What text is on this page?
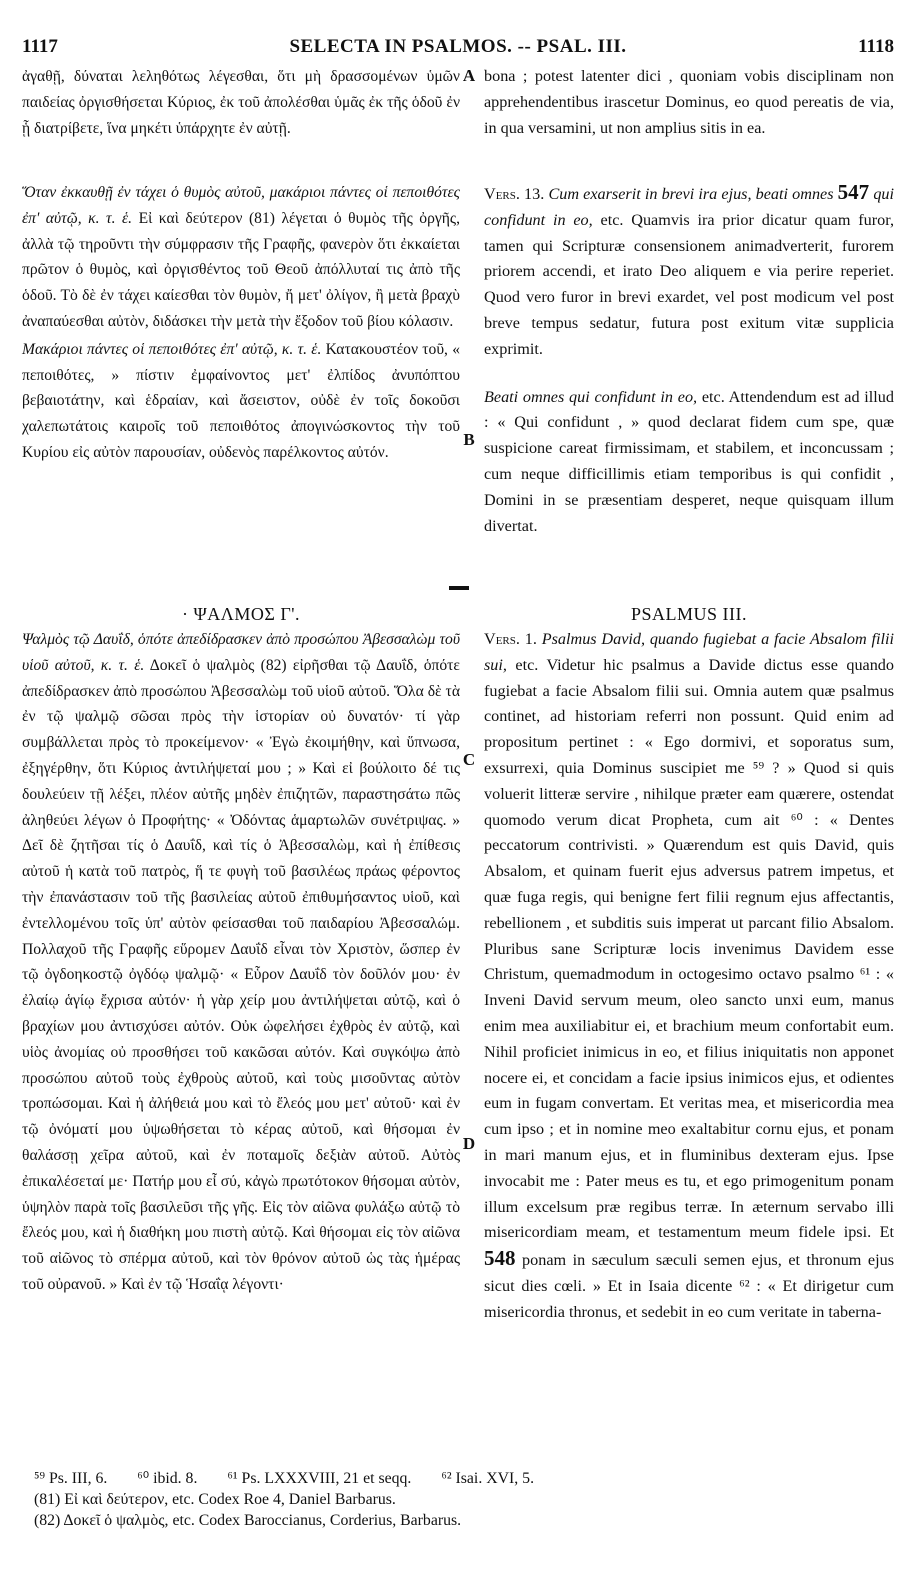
1117	SELECTA IN PSALMOS. -- PSAL. III.	1118

ἀγαθῇ, δύναται λεληθότως λέγεσθαι, ὅτι μὴ δρασσομένων ὑμῶν παιδείας ὀργισθήσεται Κύριος, ἐκ τοῦ ἀπολέσθαι ὑμᾶς ἐκ τῆς ὁδοῦ ἐν ᾗ διατρίβετε, ἵνα μηκέτι ὑπάρχητε ἐν αὐτῇ.

Ὅταν ἐκκαυθῇ ἐν τάχει ὁ θυμὸς αὐτοῦ, μακάριοι πάντες οἱ πεποιθότες ἐπ' αὐτῷ, κ. τ. ἑ. Εἰ καὶ δεύτερον (81) λέγεται ὁ θυμὸς τῆς ὀργῆς, ἀλλὰ τῷ τηροῦντι τὴν σύμφρασιν τῆς Γραφῆς, φανερὸν ὅτι ἐκκαίεται πρῶτον ὁ θυμὸς, καὶ ὀργισθέντος τοῦ Θεοῦ ἀπόλλυταί τις ἀπὸ τῆς ὁδοῦ. Τὸ δὲ ἐν τάχει καίεσθαι τὸν θυμὸν, ἤ μετ' ὀλίγον, ἢ μετὰ βραχὺ ἀναπαύεσθαι αὐτὸν, διδάσκει τὴν μετὰ τὴν ἔξοδον τοῦ βίου κόλασιν.

Μακάριοι πάντες οἱ πεποιθότες ἐπ' αὐτῷ, κ. τ. ἑ. Κατακουστέον τοῦ, « πεποιθότες, » πίστιν ἐμφαίνοντος μετ' ἐλπίδος ἀνυπόπτου βεβαιοτάτην, καὶ ἑδραίαν, καὶ ἄσειστον, οὐδὲ ἐν τοῖς δοκοῦσι χαλεπωτάτοις καιροῖς τοῦ πεποιθότος ἀπογινώσκοντος τὴν τοῦ Κυρίου εἰς αὐτὸν παρουσίαν, οὐδενὸς παρέλκοντος αὐτόν.

· ΨΑΛΜΟΣ Γ'.

Ψαλμὸς τῷ Δαυΐδ, ὁπότε ἀπεδίδρασκεν ἀπὸ προσώπου Ἀβεσσαλὼμ τοῦ υἱοῦ αὐτοῦ, κ. τ. ἑ. Δοκεῖ ὁ ψαλμὸς (82) εἰρῆσθαι τῷ Δαυΐδ, ὁπότε ἀπεδίδρασκεν ἀπὸ προσώπου Ἀβεσσαλὼμ τοῦ υἱοῦ αὐτοῦ. Ὅλα δὲ τὰ ἐν τῷ ψαλμῷ σῶσαι πρὸς τὴν ἱστορίαν οὐ δυνατόν· τί γὰρ συμβάλλεται πρὸς τὸ προκείμενον· « Ἐγὼ ἐκοιμήθην, καὶ ὕπνωσα, ἐξηγέρθην, ὅτι Κύριος ἀντιλήψεταί μου ; » Καὶ εἰ βούλοιτο δέ τις δουλεύειν τῇ λέξει, πλέον αὐτῆς μηδὲν ἐπιζητῶν, παραστησάτω πῶς ἀληθεύει λέγων ὁ Προφήτης· « Ὀδόντας ἁμαρτωλῶν συνέτριψας. » Δεῖ δὲ ζητῆσαι τίς ὁ Δαυΐδ, καὶ τίς ὁ Ἀβεσσαλὼμ, καὶ ἡ ἐπίθεσις αὐτοῦ ἡ κατὰ τοῦ πατρὸς, ἥ τε φυγὴ τοῦ βασιλέως πράως φέροντος τὴν ἐπανάστασιν τοῦ τῆς βασιλείας αὐτοῦ ἐπιθυμήσαντος υἱοῦ, καὶ ἐντελλομένου τοῖς ὑπ' αὐτὸν φείσασθαι τοῦ παιδαρίου Ἀβεσσαλώμ. Πολλαχοῦ τῆς Γραφῆς εὕρομεν Δαυΐδ εἶναι τὸν Χριστὸν, ὥσπερ ἐν τῷ ὀγδοηκοστῷ ὀγδόῳ ψαλμῷ· « Εὗρον Δαυΐδ τὸν δοῦλόν μου· ἐν ἐλαίῳ ἁγίῳ ἔχρισα αὐτόν· ἡ γὰρ χείρ μου ἀντιλήψεται αὐτῷ, καὶ ὁ βραχίων μου ἀντισχύσει αὐτόν. Οὐκ ὠφελήσει ἐχθρὸς ἐν αὐτῷ, καὶ υἱὸς ἀνομίας οὐ προσθήσει τοῦ κακῶσαι αὐτόν. Καὶ συγκόψω ἀπὸ προσώπου αὐτοῦ τοὺς ἐχθροὺς αὐτοῦ, καὶ τοὺς μισοῦντας αὐτὸν τροπώσομαι. Καὶ ἡ ἀλήθειά μου καὶ τὸ ἔλεός μου μετ' αὐτοῦ· καὶ ἐν τῷ ὀνόματί μου ὑψωθήσεται τὸ κέρας αὐτοῦ, καὶ θήσομαι ἐν θαλάσσῃ χεῖρα αὐτοῦ, καὶ ἐν ποταμοῖς δεξιὰν αὐτοῦ. Αὐτὸς ἐπικαλέσεταί με· Πατήρ μου εἶ σύ, κἀγὼ πρωτότοκον θήσομαι αὐτὸν, ὑψηλὸν παρὰ τοῖς βασιλεῦσι τῆς γῆς. Εἰς τὸν αἰῶνα φυλάξω αὐτῷ τὸ ἔλεός μου, καὶ ἡ διαθήκη μου πιστὴ αὐτῷ. Καὶ θήσομαι εἰς τὸν αἰῶνα τοῦ αἰῶνος τὸ σπέρμα αὐτοῦ, καὶ τὸν θρόνον αὐτοῦ ὡς τὰς ἡμέρας τοῦ οὐρανοῦ. » Καὶ ἐν τῷ Ἡσαΐᾳ λέγοντι·

A
B
C
D

bona ; potest latenter dici , quoniam vobis disciplinam non apprehendentibus irascetur Dominus, eo quod pereatis de via, in qua versamini, ut non amplius sitis in ea.

Vers. 13. Cum exarserit in brevi ira ejus, beati omnes 547 qui confidunt in eo, etc. Quamvis ira prior dicatur quam furor, tamen qui Scripturæ consensionem animadverterit, furorem priorem accendi, et irato Deo aliquem e via perire reperiet. Quod vero furor in brevi exardet, vel post modicum vel post breve tempus sedatur, futura post exitum vitæ supplicia exprimit.

Beati omnes qui confidunt in eo, etc. Attendendum est ad illud : « Qui confidunt , » quod declarat fidem cum spe, quæ suspicione careat firmissimam, et stabilem, et inconcussam ; cum neque difficillimis etiam temporibus is qui confidit , Domini in se præsentiam desperet, neque quisquam illum divertat.

PSALMUS III.

Vers. 1. Psalmus David, quando fugiebat a facie Absalom filii sui, etc. Videtur hic psalmus a Davide dictus esse quando fugiebat a facie Absalom filii sui. Omnia autem quæ psalmus continet, ad historiam referri non possunt. Quid enim ad propositum pertinet : « Ego dormivi, et soporatus sum, exsurrexi, quia Dominus suscipiet me ⁵⁹ ? » Quod si quis voluerit litteræ servire , nihilque præter eam quærere, ostendat quomodo verum dicat Propheta, cum ait ⁶⁰ : « Dentes peccatorum contrivisti. » Quærendum est quis David, quis Absalom, et quinam fuerit ejus adversus patrem impetus, et quæ fuga regis, qui benigne fert filii regnum ejus affectantis, rebellionem , et subditis suis imperat ut parcant filio Absalom. Pluribus sane Scripturæ locis invenimus Davidem esse Christum, quemadmodum in octogesimo octavo psalmo ⁶¹ : « Inveni David servum meum, oleo sancto unxi eum, manus enim mea auxiliabitur ei, et brachium meum confortabit eum. Nihil proficiet inimicus in eo, et filius iniquitatis non apponet nocere ei, et concidam a facie ipsius inimicos ejus, et odientes eum in fugam convertam. Et veritas mea, et misericordia mea cum ipso ; et in nomine meo exaltabitur cornu ejus, et ponam in mari manum ejus, et in fluminibus dexteram ejus. Ipse invocabit me : Pater meus es tu, et ego primogenitum ponam illum excelsum præ regibus terræ. In æternum servabo illi misericordiam meam, et testamentum meum fidele ipsi. Et 548 ponam in sæculum sæculi semen ejus, et thronum ejus sicut dies cœli. » Et in Isaia dicente ⁶² : « Et dirigetur cum misericordia thronus, et sedebit in eo cum veritate in taberna-

⁵⁹ Ps. III, 6. ⁶⁰ ibid. 8. ⁶¹ Ps. LXXXVIII, 21 et seqq. ⁶² Isai. XVI, 5.
(81) Εἰ καὶ δεύτερον, etc. Codex Roe 4, Daniel Barbarus.
(82) Δοκεῖ ὁ ψαλμὸς, etc. Codex Baroccianus, Corderius, Barbarus.
